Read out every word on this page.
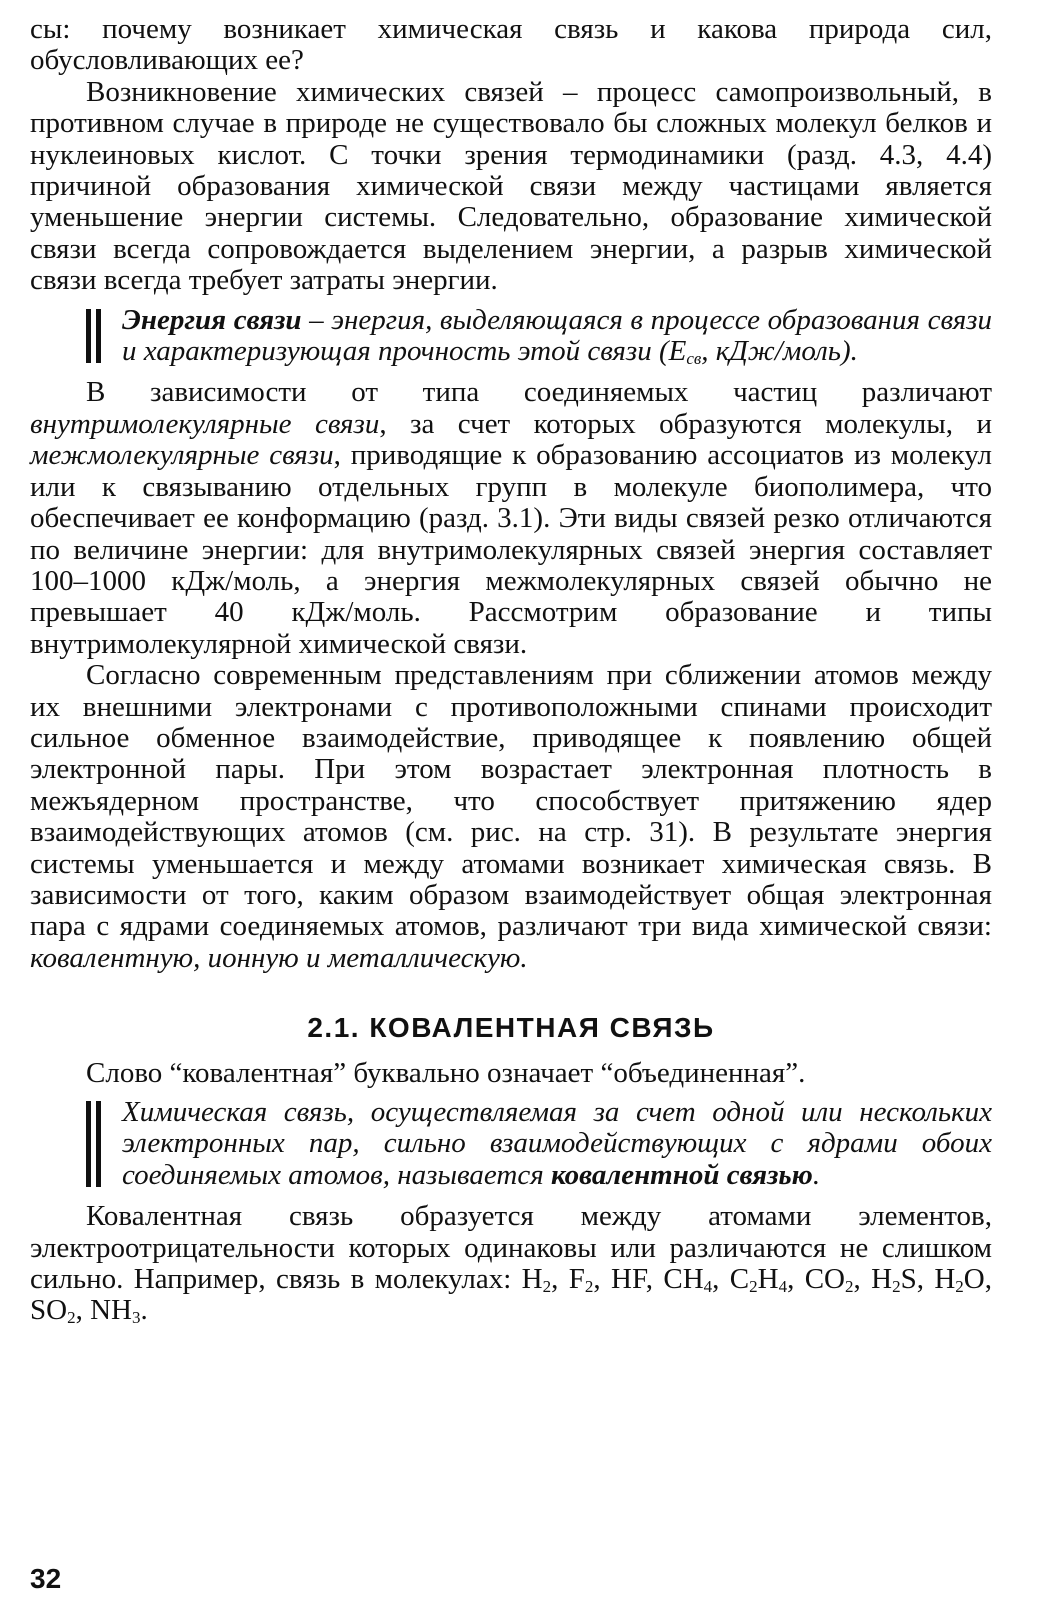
сы: почему возникает химическая связь и какова природа сил, обусловливающих ее?

Возникновение химических связей – процесс самопроизвольный, в противном случае в природе не существовало бы сложных молекул белков и нуклеиновых кислот. С точки зрения термодинамики (разд. 4.3, 4.4) причиной образования химической связи между частицами является уменьшение энергии системы. Следовательно, образование химической связи всегда сопровождается выделением энергии, а разрыв химической связи всегда требует затраты энергии.

Энергия связи – энергия, выделяющаяся в процессе образования связи и характеризующая прочность этой связи (Eсв, кДж/моль).

В зависимости от типа соединяемых частиц различают внутримолекулярные связи, за счет которых образуются молекулы, и межмолекулярные связи, приводящие к образованию ассоциатов из молекул или к связыванию отдельных групп в молекуле биополимера, что обеспечивает ее конформацию (разд. 3.1). Эти виды связей резко отличаются по величине энергии: для внутримолекулярных связей энергия составляет 100–1000 кДж/моль, а энергия межмолекулярных связей обычно не превышает 40 кДж/моль. Рассмотрим образование и типы внутримолекулярной химической связи.

Согласно современным представлениям при сближении атомов между их внешними электронами с противоположными спинами происходит сильное обменное взаимодействие, приводящее к появлению общей электронной пары. При этом возрастает электронная плотность в межъядерном пространстве, что способствует притяжению ядер взаимодействующих атомов (см. рис. на стр. 31). В результате энергия системы уменьшается и между атомами возникает химическая связь. В зависимости от того, каким образом взаимодействует общая электронная пара с ядрами соединяемых атомов, различают три вида химической связи: ковалентную, ионную и металлическую.

2.1. КОВАЛЕНТНАЯ СВЯЗЬ

Слово “ковалентная” буквально означает “объединенная”.

Химическая связь, осуществляемая за счет одной или нескольких электронных пар, сильно взаимодействующих с ядрами обоих соединяемых атомов, называется ковалентной связью.

Ковалентная связь образуется между атомами элементов, электроотрицательности которых одинаковы или различаются не слишком сильно. Например, связь в молекулах: H2, F2, HF, CH4, C2H4, CO2, H2S, H2O, SO2, NH3.

32
